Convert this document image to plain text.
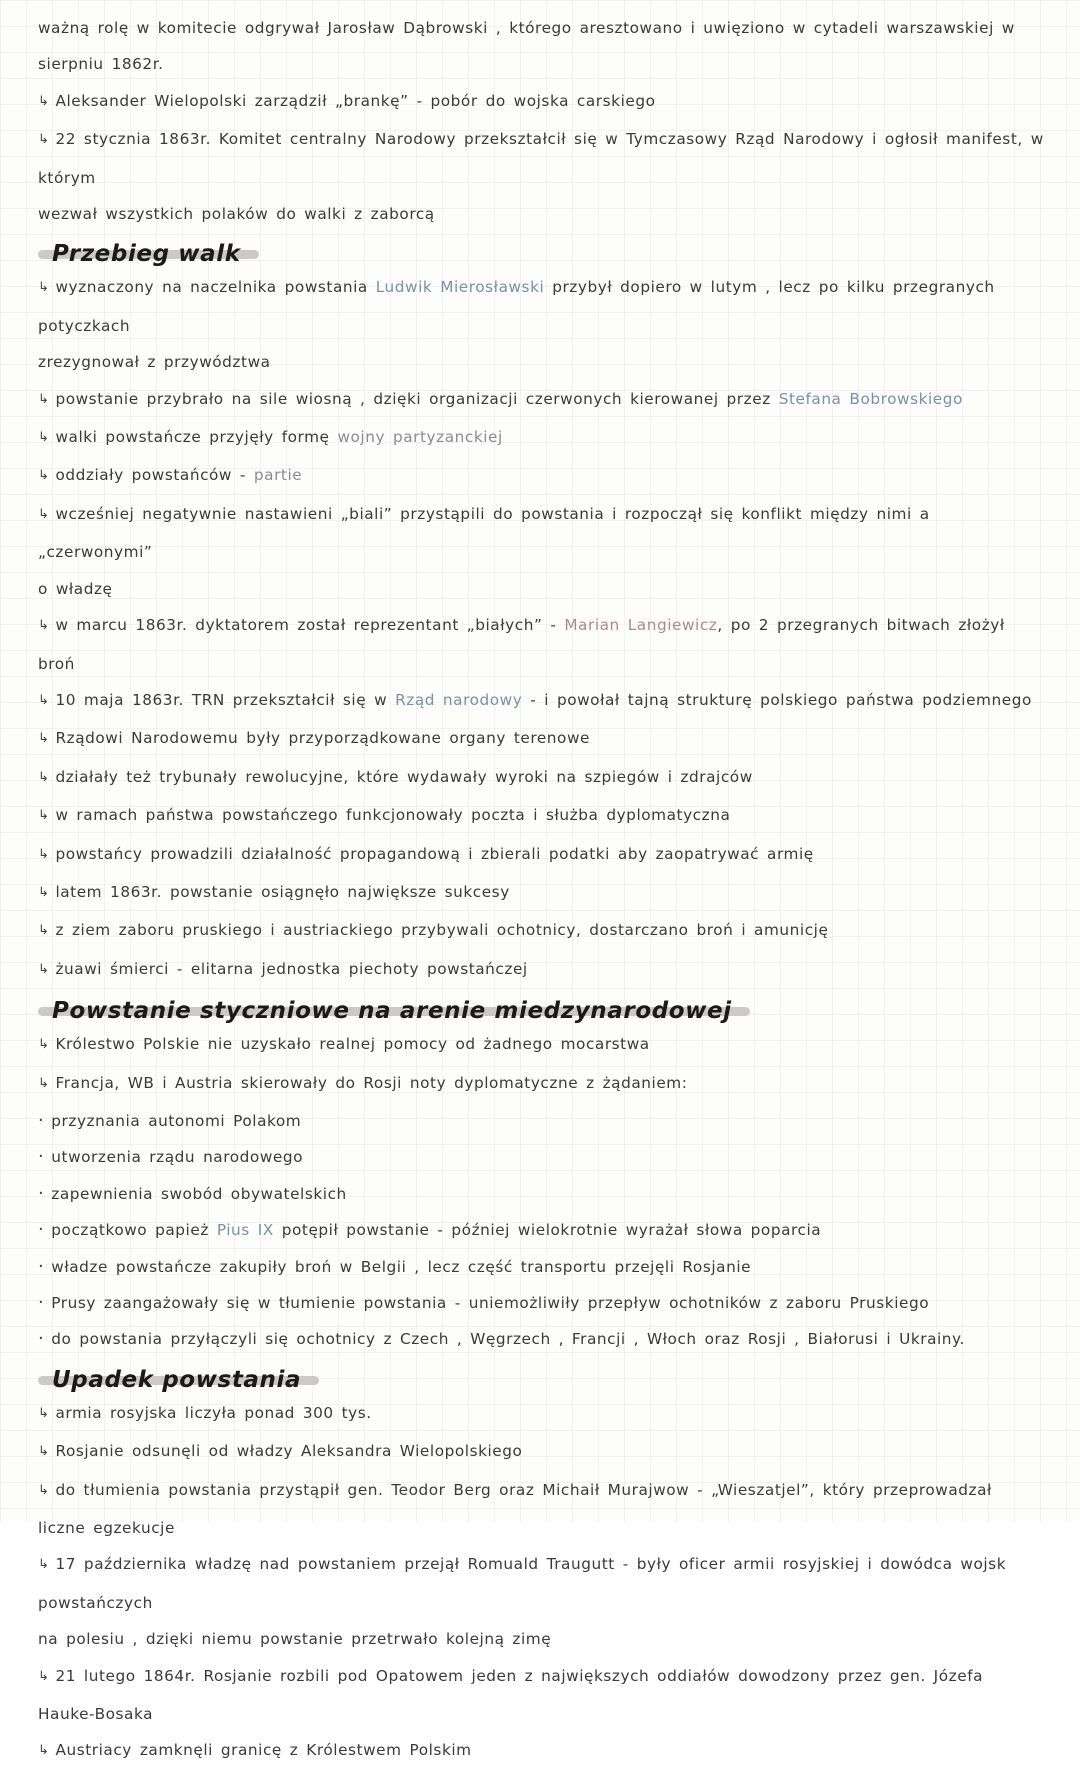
ważną rolę w komitecie odgrywał Jarosław Dąbrowski , którego aresztowano i uwięziono w cytadeli warszawskiej w sierpniu 1862r.
↳ Aleksander Wielopolski zarządził „brankę” - pobór do wojska carskiego
↳ 22 stycznia 1863r. Komitet centralny Narodowy przekształcił się w Tymczasowy Rząd Narodowy i ogłosił manifest, w którym
wezwał wszystkich polaków do walki z zaborcą
Przebieg walk
↳ wyznaczony na naczelnika powstania Ludwik Mierosławski przybył dopiero w lutym , lecz po kilku przegranych potyczkach
zrezygnował z przywództwa
↳ powstanie przybrało na sile wiosną , dzięki organizacji czerwonych kierowanej przez Stefana Bobrowskiego
↳ walki powstańcze przyjęły formę wojny partyzanckiej
↳ oddziały powstańców - partie
↳ wcześniej negatywnie nastawieni „biali” przystąpili do powstania i rozpoczął się konflikt między nimi a „czerwonymi”
o władzę
↳ w marcu 1863r. dyktatorem został reprezentant „białych” - Marian Langiewicz, po 2 przegranych bitwach złożył broń
↳ 10 maja 1863r. TRN przekształcił się w Rząd narodowy - i powołał tajną strukturę polskiego państwa podziemnego
↳ Rządowi Narodowemu były przyporządkowane organy terenowe
↳ działały też trybunały rewolucyjne, które wydawały wyroki na szpiegów i zdrajców
↳ w ramach państwa powstańczego funkcjonowały poczta i służba dyplomatyczna
↳ powstańcy prowadzili działalność propagandową i zbierali podatki aby zaopatrywać armię
↳ latem 1863r. powstanie osiągnęło największe sukcesy
↳ z ziem zaboru pruskiego i austriackiego przybywali ochotnicy, dostarczano broń i amunicję
↳ żuawi śmierci - elitarna jednostka piechoty powstańczej
Powstanie styczniowe na arenie miedzynarodowej
↳ Królestwo Polskie nie uzyskało realnej pomocy od żadnego mocarstwa
↳ Francja, WB i Austria skierowały do Rosji noty dyplomatyczne z żądaniem:
· przyznania autonomi Polakom
· utworzenia rządu narodowego
· zapewnienia swobód obywatelskich
· początkowo papież Pius IX potępił powstanie - później wielokrotnie wyrażał słowa poparcia
· władze powstańcze zakupiły broń w Belgii , lecz część transportu przejęli Rosjanie
· Prusy zaangażowały się w tłumienie powstania - uniemożliwiły przepływ ochotników z zaboru Pruskiego
· do powstania przyłączyli się ochotnicy z Czech , Węgrzech , Francji , Włoch oraz Rosji , Białorusi i Ukrainy.
Upadek powstania
↳ armia rosyjska liczyła ponad 300 tys.
↳ Rosjanie odsunęli od władzy Aleksandra Wielopolskiego
↳ do tłumienia powstania przystąpił gen. Teodor Berg oraz Michaił Murajwow - „Wieszatjel”, który przeprowadzał liczne egzekucje
↳ 17 października władzę nad powstaniem przejął Romuald Traugutt - były oficer armii rosyjskiej i dowódca wojsk powstańczych
na polesiu , dzięki niemu powstanie przetrwało kolejną zimę
↳ 21 lutego 1864r. Rosjanie rozbili pod Opatowem jeden z największych oddiałów dowodzony przez gen. Józefa Hauke-Bosaka
↳ Austriacy zamknęli granicę z Królestwem Polskim
